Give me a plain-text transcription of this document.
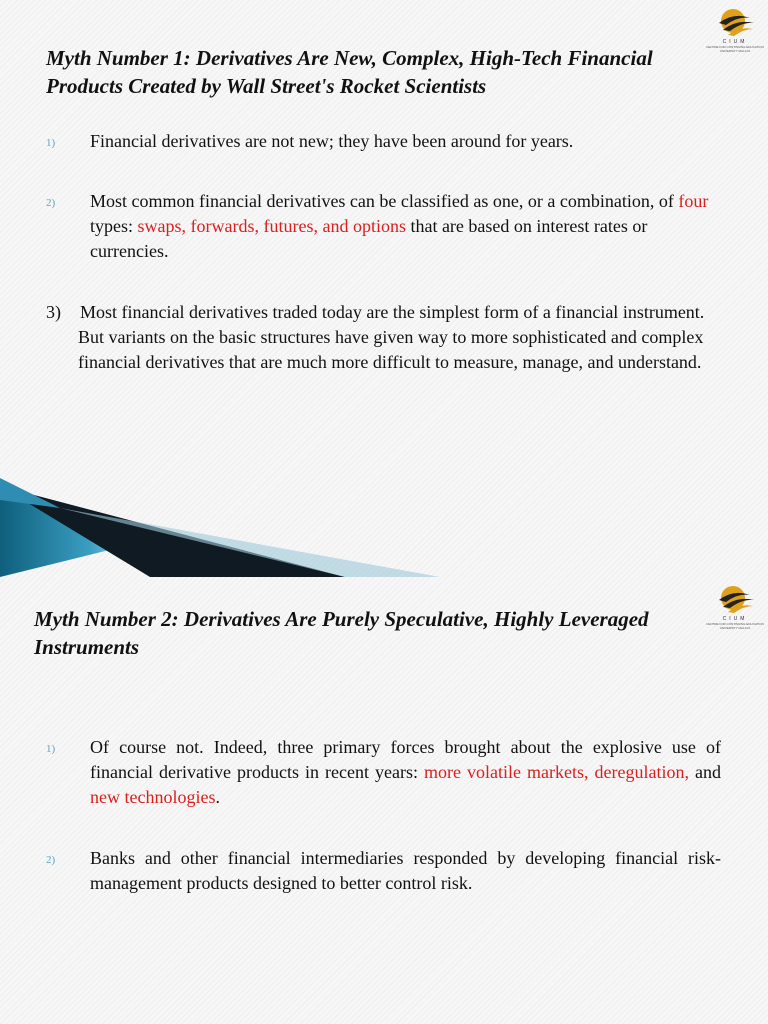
CIUM
CENTRE FOR CONTINUING EDUCATION UNIVERSITY MALAYA
Myth Number 1: Derivatives Are New, Complex, High-Tech Financial Products Created by Wall Street's Rocket Scientists
1) Financial derivatives are not new; they have been around for years.
2) Most common financial derivatives can be classified as one, or a combination, of four types: swaps, forwards, futures, and options that are based on interest rates or currencies.
3) Most financial derivatives traded today are the simplest form of a financial instrument. But variants on the basic structures have given way to more sophisticated and complex financial derivatives that are much more difficult to measure, manage, and understand.
CIUM
CENTRE FOR CONTINUING EDUCATION UNIVERSITY MALAYA
Myth Number 2: Derivatives Are Purely Speculative, Highly Leveraged Instruments
1) Of course not. Indeed, three primary forces brought about the explosive use of financial derivative products in recent years: more volatile markets, deregulation, and new technologies.
2) Banks and other financial intermediaries responded by developing financial risk-management products designed to better control risk.
